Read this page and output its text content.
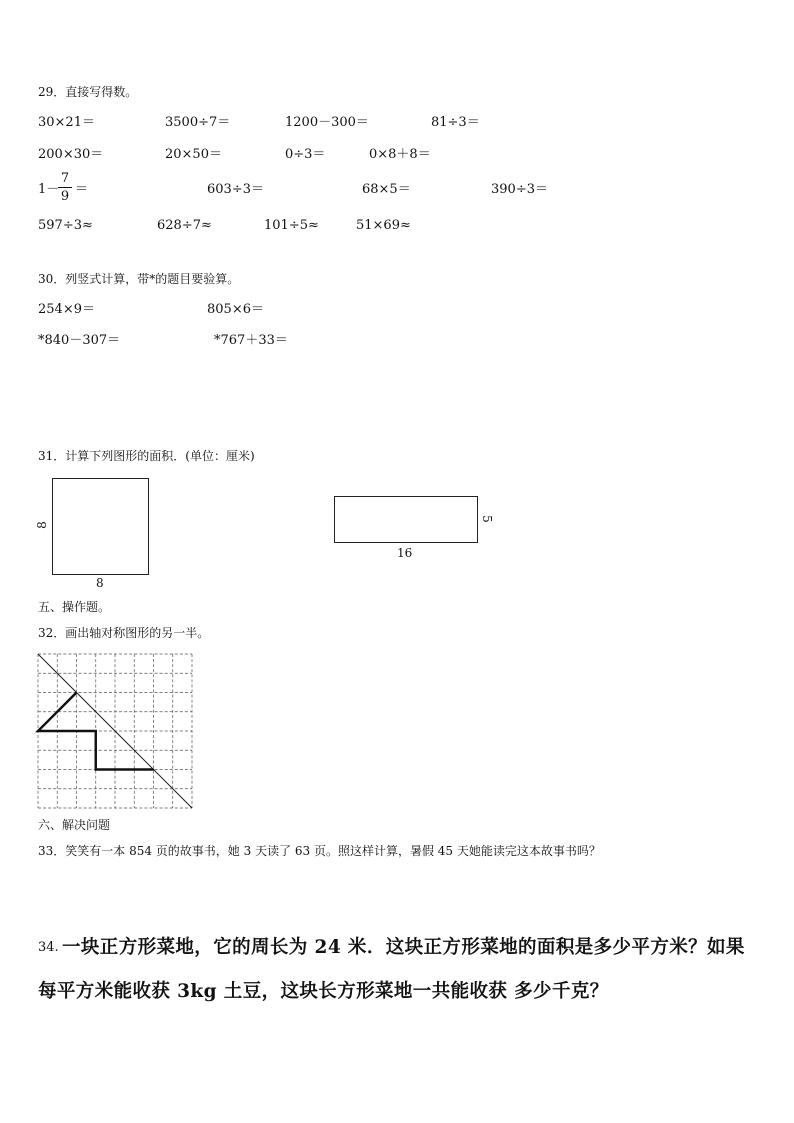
29．直接写得数。
30×21＝	3500÷7＝	1200－300＝	81÷3＝
200×30＝	20×50＝	0÷3＝	0×8＋8＝
1－
7
9 ＝	603÷3＝	68×5＝	390÷3＝
597÷3≈	628÷7≈	101÷5≈	51×69≈
30．列竖式计算，带*的题目要验算。
254×9＝	805×6＝
*840－307＝	*767＋33＝
31．计算下列图形的面积．(单位：厘米)
8
8
5
16
五、操作题。
32．画出轴对称图形的另一半。
六、解决问题
33．笑笑有一本 854 页的故事书，她 3 天读了 63 页。照这样计算，暑假 45 天她能读完这本故事书吗？
34. 一块正方形菜地，它的周长为 24 米．这块正方形菜地的面积是多少平方米？如果
每平方米能收获 3kg 土豆，这块长方形菜地一共能收获 多少千克？
